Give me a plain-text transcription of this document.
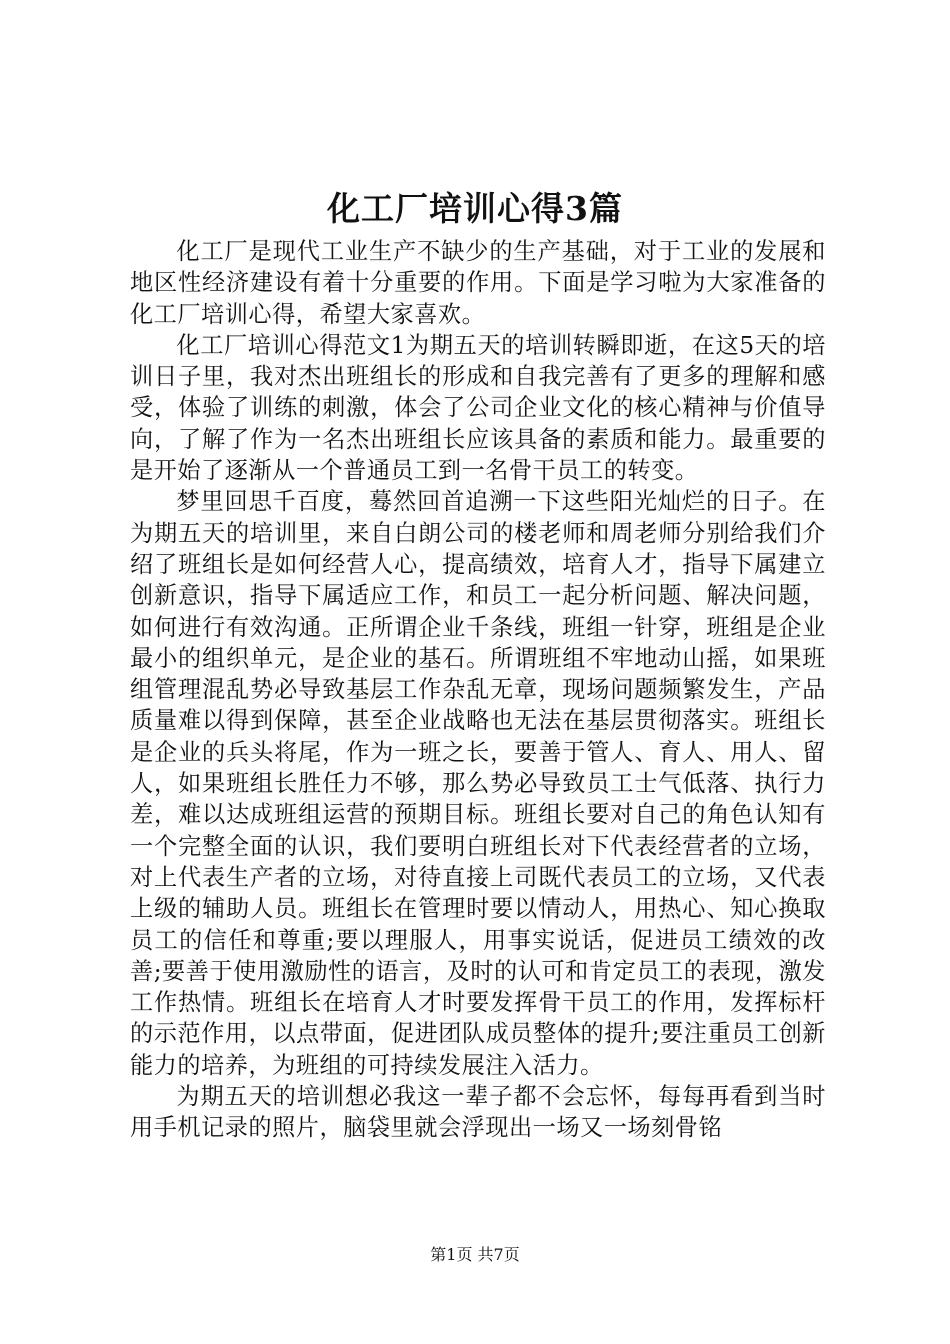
化工厂培训心得3篇

化工厂是现代工业生产不缺少的生产基础，对于工业的发展和地区性经济建设有着十分重要的作用。下面是学习啦为大家准备的化工厂培训心得，希望大家喜欢。

化工厂培训心得范文1为期五天的培训转瞬即逝，在这5天的培训日子里，我对杰出班组长的形成和自我完善有了更多的理解和感受，体验了训练的刺激，体会了公司企业文化的核心精神与价值导向，了解了作为一名杰出班组长应该具备的素质和能力。最重要的是开始了逐渐从一个普通员工到一名骨干员工的转变。

梦里回思千百度，蓦然回首追溯一下这些阳光灿烂的日子。在为期五天的培训里，来自白朗公司的楼老师和周老师分别给我们介绍了班组长是如何经营人心，提高绩效，培育人才，指导下属建立创新意识，指导下属适应工作，和员工一起分析问题、解决问题，如何进行有效沟通。正所谓企业千条线，班组一针穿，班组是企业最小的组织单元，是企业的基石。所谓班组不牢地动山摇，如果班组管理混乱势必导致基层工作杂乱无章，现场问题频繁发生，产品质量难以得到保障，甚至企业战略也无法在基层贯彻落实。班组长是企业的兵头将尾，作为一班之长，要善于管人、育人、用人、留人，如果班组长胜任力不够，那么势必导致员工士气低落、执行力差，难以达成班组运营的预期目标。班组长要对自己的角色认知有一个完整全面的认识，我们要明白班组长对下代表经营者的立场，对上代表生产者的立场，对待直接上司既代表员工的立场，又代表上级的辅助人员。班组长在管理时要以情动人，用热心、知心换取员工的信任和尊重;要以理服人，用事实说话，促进员工绩效的改善;要善于使用激励性的语言，及时的认可和肯定员工的表现，激发工作热情。班组长在培育人才时要发挥骨干员工的作用，发挥标杆的示范作用，以点带面，促进团队成员整体的提升;要注重员工创新能力的培养，为班组的可持续发展注入活力。

为期五天的培训想必我这一辈子都不会忘怀，每每再看到当时用手机记录的照片，脑袋里就会浮现出一场又一场刻骨铭

第1页 共7页
